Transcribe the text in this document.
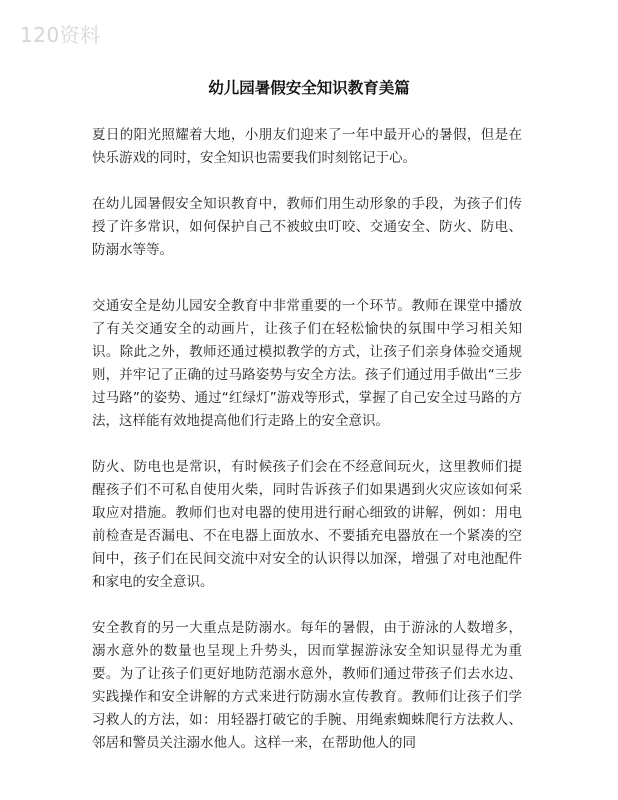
120资料
幼儿园暑假安全知识教育美篇

夏日的阳光照耀着大地，小朋友们迎来了一年中最开心的暑假，但是在快乐游戏的同时，安全知识也需要我们时刻铭记于心。

在幼儿园暑假安全知识教育中，教师们用生动形象的手段，为孩子们传授了许多常识，如何保护自己不被蚊虫叮咬、交通安全、防火、防电、防溺水等等。

交通安全是幼儿园安全教育中非常重要的一个环节。教师在课堂中播放了有关交通安全的动画片，让孩子们在轻松愉快的氛围中学习相关知识。除此之外，教师还通过模拟教学的方式，让孩子们亲身体验交通规则，并牢记了正确的过马路姿势与安全方法。孩子们通过用手做出“三步过马路”的姿势、通过“红绿灯”游戏等形式，掌握了自己安全过马路的方法，这样能有效地提高他们行走路上的安全意识。

防火、防电也是常识，有时候孩子们会在不经意间玩火，这里教师们提醒孩子们不可私自使用火柴，同时告诉孩子们如果遇到火灾应该如何采取应对措施。教师们也对电器的使用进行耐心细致的讲解，例如：用电前检查是否漏电、不在电器上面放水、不要插充电器放在一个紧凑的空间中，孩子们在民间交流中对安全的认识得以加深，增强了对电池配件和家电的安全意识。

安全教育的另一大重点是防溺水。每年的暑假，由于游泳的人数增多，溺水意外的数量也呈现上升势头，因而掌握游泳安全知识显得尤为重要。为了让孩子们更好地防范溺水意外，教师们通过带孩子们去水边、实践操作和安全讲解的方式来进行防溺水宣传教育。教师们让孩子们学习救人的方法，如：用轻器打破它的手腕、用绳索蜘蛛爬行方法救人、邻居和警员关注溺水他人。这样一来，在帮助他人的同
